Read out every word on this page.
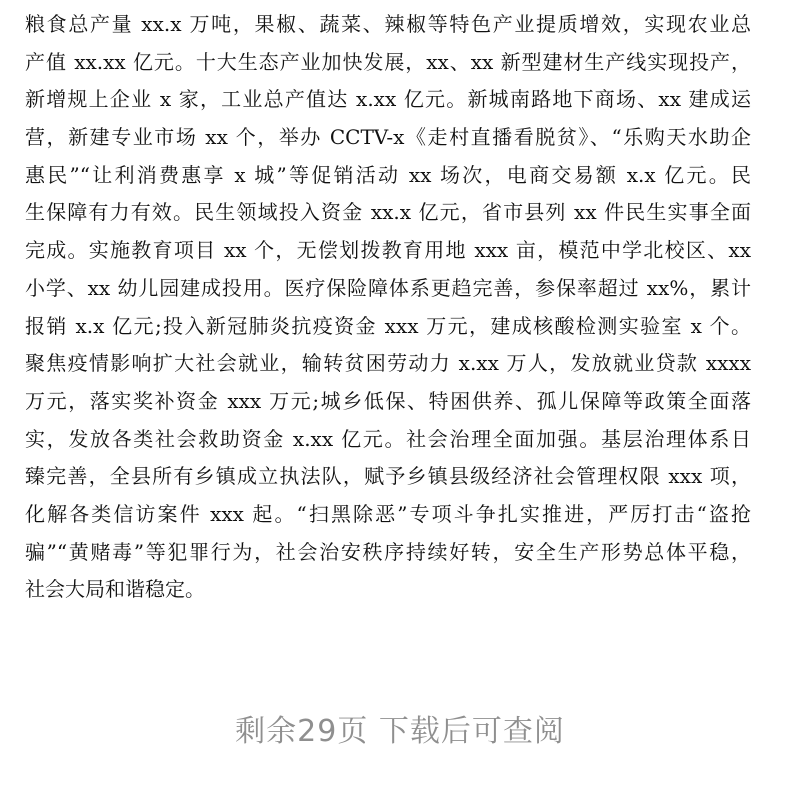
粮食总产量 xx.x 万吨，果椒、蔬菜、辣椒等特色产业提质增效，实现农业总
产值 xx.xx 亿元。十大生态产业加快发展，xx、xx 新型建材生产线实现投产，
新增规上企业 x 家，工业总产值达 x.xx 亿元。新城南路地下商场、xx 建成运
营，新建专业市场 xx 个，举办 CCTV-x《走村直播看脱贫》、“乐购天水助企
惠民”“让利消费惠享 x 城”等促销活动 xx 场次，电商交易额 x.x 亿元。民
生保障有力有效。民生领域投入资金 xx.x 亿元，省市县列 xx 件民生实事全面
完成。实施教育项目 xx 个，无偿划拨教育用地 xxx 亩，模范中学北校区、xx
小学、xx 幼儿园建成投用。医疗保险障体系更趋完善，参保率超过 xx%，累计
报销 x.x 亿元;投入新冠肺炎抗疫资金 xxx 万元，建成核酸检测实验室 x 个。
聚焦疫情影响扩大社会就业，输转贫困劳动力 x.xx 万人，发放就业贷款 xxxx
万元，落实奖补资金 xxx 万元;城乡低保、特困供养、孤儿保障等政策全面落
实，发放各类社会救助资金 x.xx 亿元。社会治理全面加强。基层治理体系日
臻完善，全县所有乡镇成立执法队，赋予乡镇县级经济社会管理权限 xxx 项，
化解各类信访案件 xxx 起。“扫黑除恶”专项斗争扎实推进，严厉打击“盗抢
骗”“黄赌毒”等犯罪行为，社会治安秩序持续好转，安全生产形势总体平稳，
社会大局和谐稳定。
剩余29页 下载后可查阅
